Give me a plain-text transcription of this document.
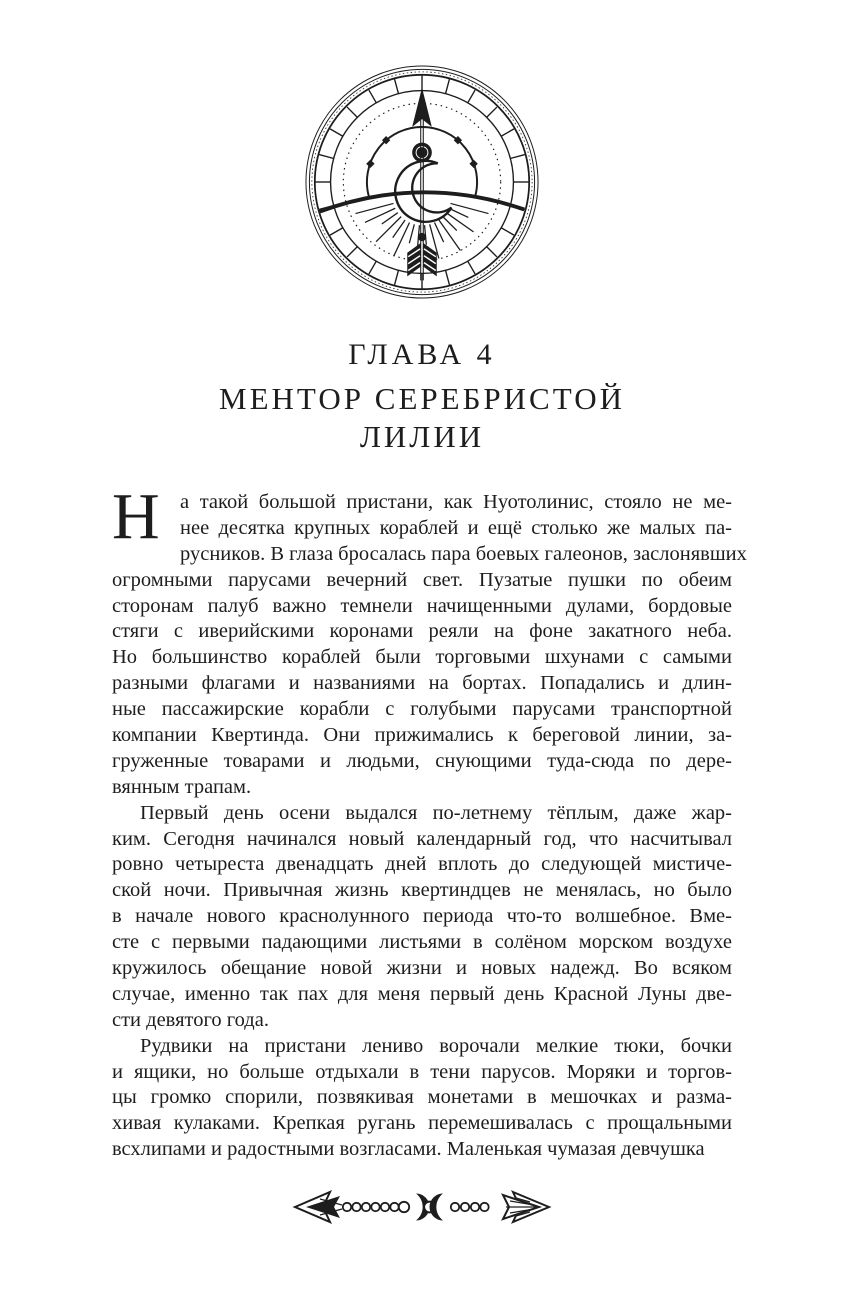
ГЛАВА 4
МЕНТОР СЕРЕБРИСТОЙ
ЛИЛИИ
Н а такой большой пристани, как Нуотолинис, стояло не ме-
нее десятка крупных кораблей и ещё столько же малых па-
русников. В глаза бросалась пара боевых галеонов, заслонявших
огромными парусами вечерний свет. Пузатые пушки по обеим
сторонам палуб важно темнели начищенными дулами, бордовые
стяги с иверийскими коронами реяли на фоне закатного неба.
Но большинство кораблей были торговыми шхунами с самыми
разными флагами и названиями на бортах. Попадались и длин-
ные пассажирские корабли с голубыми парусами транспортной
компании Квертинда. Они прижимались к береговой линии, за-
груженные товарами и людьми, снующими туда-сюда по дере-
вянным трапам.
Первый день осени выдался по-летнему тёплым, даже жар-
ким. Сегодня начинался новый календарный год, что насчитывал
ровно четыреста двенадцать дней вплоть до следующей мистиче-
ской ночи. Привычная жизнь квертиндцев не менялась, но было
в начале нового краснолунного периода что-то волшебное. Вме-
сте с первыми падающими листьями в солёном морском воздухе
кружилось обещание новой жизни и новых надежд. Во всяком
случае, именно так пах для меня первый день Красной Луны две-
сти девятого года.
Рудвики на пристани лениво ворочали мелкие тюки, бочки
и ящики, но больше отдыхали в тени парусов. Моряки и торгов-
цы громко спорили, позвякивая монетами в мешочках и разма-
хивая кулаками. Крепкая ругань перемешивалась с прощальными
всхлипами и радостными возгласами. Маленькая чумазая девчушка
